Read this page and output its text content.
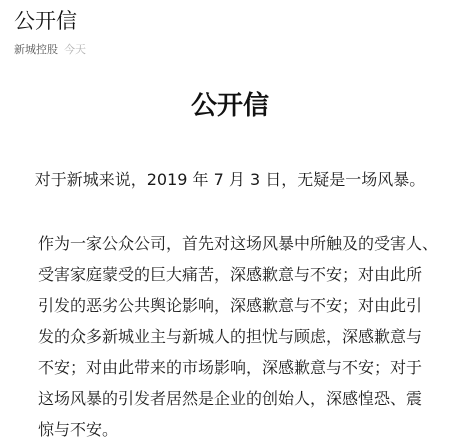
公开信
新城控股 今天
公开信

对于新城来说，2019 年 7 月 3 日，无疑是一场风暴。

作为一家公众公司，首先对这场风暴中所触及的受害人、
受害家庭蒙受的巨大痛苦，深感歉意与不安；对由此所
引发的恶劣公共舆论影响，深感歉意与不安；对由此引
发的众多新城业主与新城人的担忧与顾虑，深感歉意与
不安；对由此带来的市场影响，深感歉意与不安；对于
这场风暴的引发者居然是企业的创始人，深感惶恐、震
惊与不安。
